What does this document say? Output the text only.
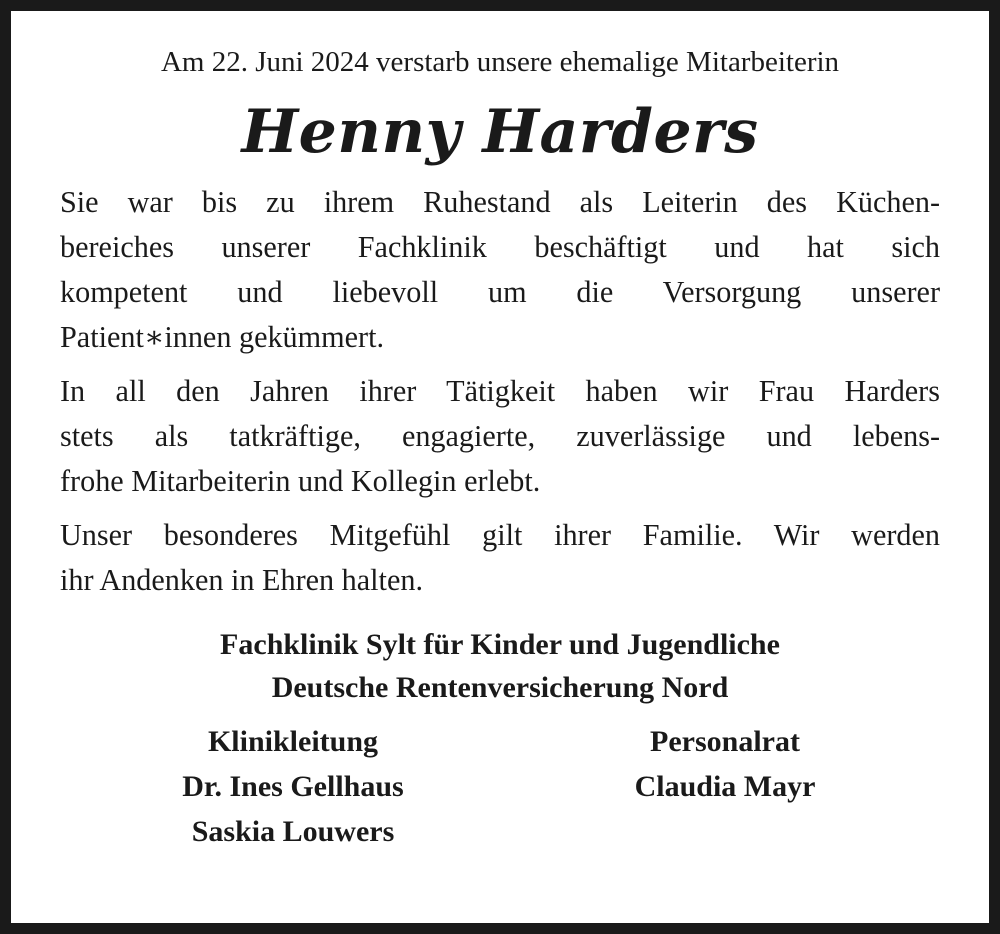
Am 22. Juni 2024 verstarb unsere ehemalige Mitarbeiterin

Henny Harders
Sie war bis zu ihrem Ruhestand als Leiterin des Küchen-
bereiches unserer Fachklinik beschäftigt und hat sich
kompetent und liebevoll um die Versorgung unserer
Patient∗innen gekümmert.
In all den Jahren ihrer Tätigkeit haben wir Frau Harders
stets als tatkräftige, engagierte, zuverlässige und lebens-
frohe Mitarbeiterin und Kollegin erlebt.
Unser besonderes Mitgefühl gilt ihrer Familie. Wir werden
ihr Andenken in Ehren halten.
Fachklinik Sylt für Kinder und Jugendliche
Deutsche Rentenversicherung Nord
Klinikleitung
Dr. Ines Gellhaus
Saskia Louwers
Personalrat
Claudia Mayr
